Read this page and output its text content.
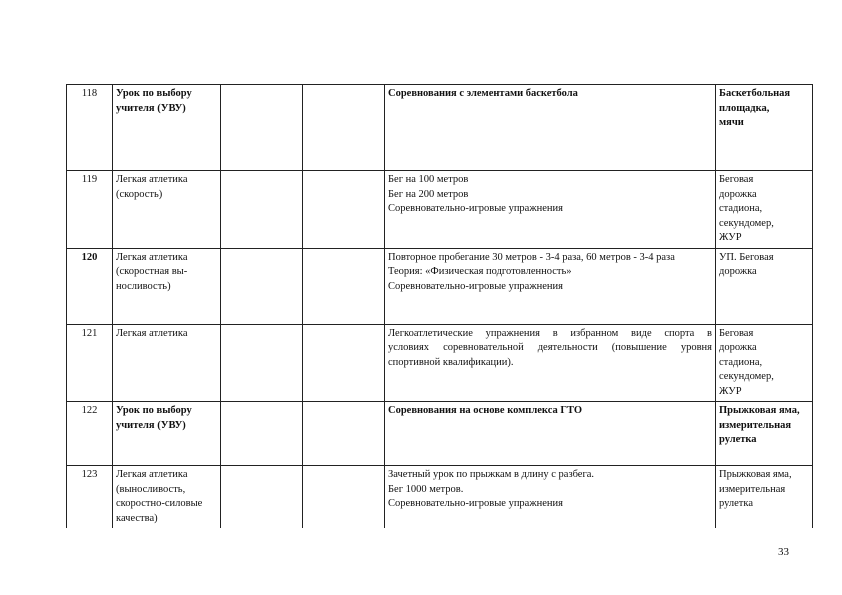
118	Урок по выбору
учителя (УВУ)			Соревнования с элементами баскетбола	Баскетбольная
площадка,
мячи

119	Легкая атлетика
(скорость)			Бег на 100 метров
Бег на 200 метров
Соревновательно-игровые упражнения	Беговая
дорожка
стадиона,
секундомер,
ЖУР

120	Легкая атлетика
(скоростная вы-
носливость)			Повторное пробегание 30 метров - 3-4 раза, 60 метров - 3-4 раза
Теория: «Физическая подготовленность»
Соревновательно-игровые упражнения	УП. Беговая
дорожка

121	Легкая атлетика			Легкоатлетические упражнения в избранном виде спорта в
условиях соревновательной деятельности (повышение уровня
спортивной квалификации).	Беговая
дорожка
стадиона,
секундомер,
ЖУР

122	Урок по выбору
учителя (УВУ)			Соревнования на основе комплекса ГТО	Прыжковая яма,
измерительная
рулетка

123	Легкая атлетика
(выносливость,
скоростно-силовые
качества)			Зачетный урок по прыжкам в длину с разбега.
Бег 1000 метров.
Соревновательно-игровые упражнения	Прыжковая яма,
измерительная
рулетка
33
